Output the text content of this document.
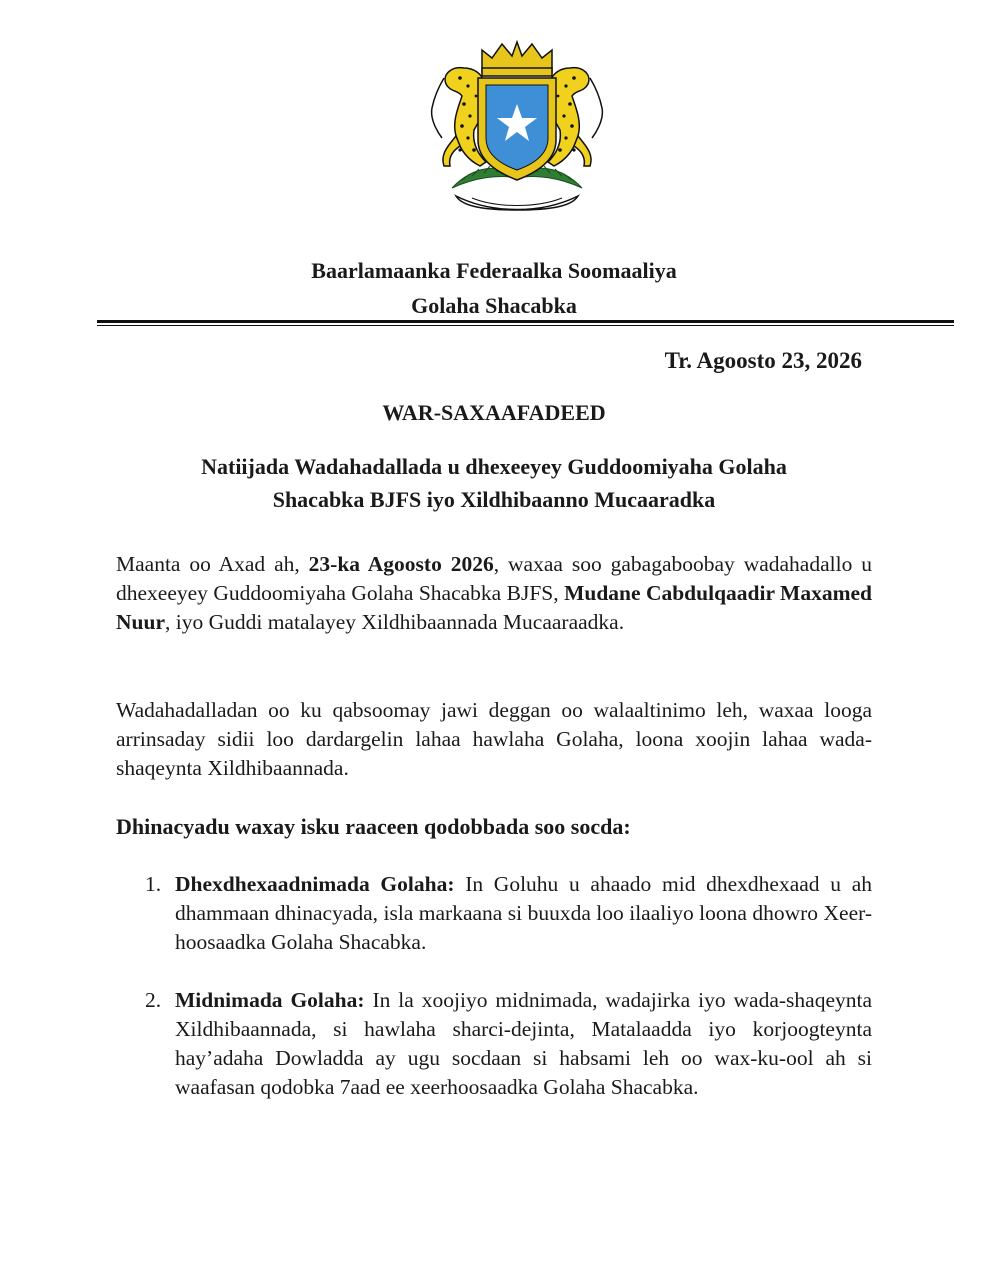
Baarlamaanka Federaalka Soomaaliya
Golaha Shacabka
Tr. Agoosto 23, 2026
WAR-SAXAAFADEED
Natiijada Wadahadallada u dhexeeyey Guddoomiyaha Golaha
Shacabka BJFS iyo Xildhibaanno Mucaaradka
Maanta oo Axad ah, 23-ka Agoosto 2026, waxaa soo gabagaboobay wadahadallo u dhexeeyey Guddoomiyaha Golaha Shacabka BJFS, Mudane Cabdulqaadir Maxamed Nuur, iyo Guddi matalayey Xildhibaannada Mucaaraadka.
Wadahadalladan oo ku qabsoomay jawi deggan oo walaaltinimo leh, waxaa looga arrinsaday sidii loo dardargelin lahaa hawlaha Golaha, loona xoojin lahaa wada-shaqeynta Xildhibaannada.
Dhinacyadu waxay isku raaceen qodobbada soo socda:
1. Dhexdhexaadnimada Golaha: In Goluhu u ahaado mid dhexdhexaad u ah dhammaan dhinacyada, isla markaana si buuxda loo ilaaliyo loona dhowro Xeer-hoosaadka Golaha Shacabka.
2. Midnimada Golaha: In la xoojiyo midnimada, wadajirka iyo wada-shaqeynta Xildhibaannada, si hawlaha sharci-dejinta, Matalaadda iyo korjoogteynta hay’adaha Dowladda ay ugu socdaan si habsami leh oo wax-ku-ool ah si waafasan qodobka 7aad ee xeerhoosaadka Golaha Shacabka.
